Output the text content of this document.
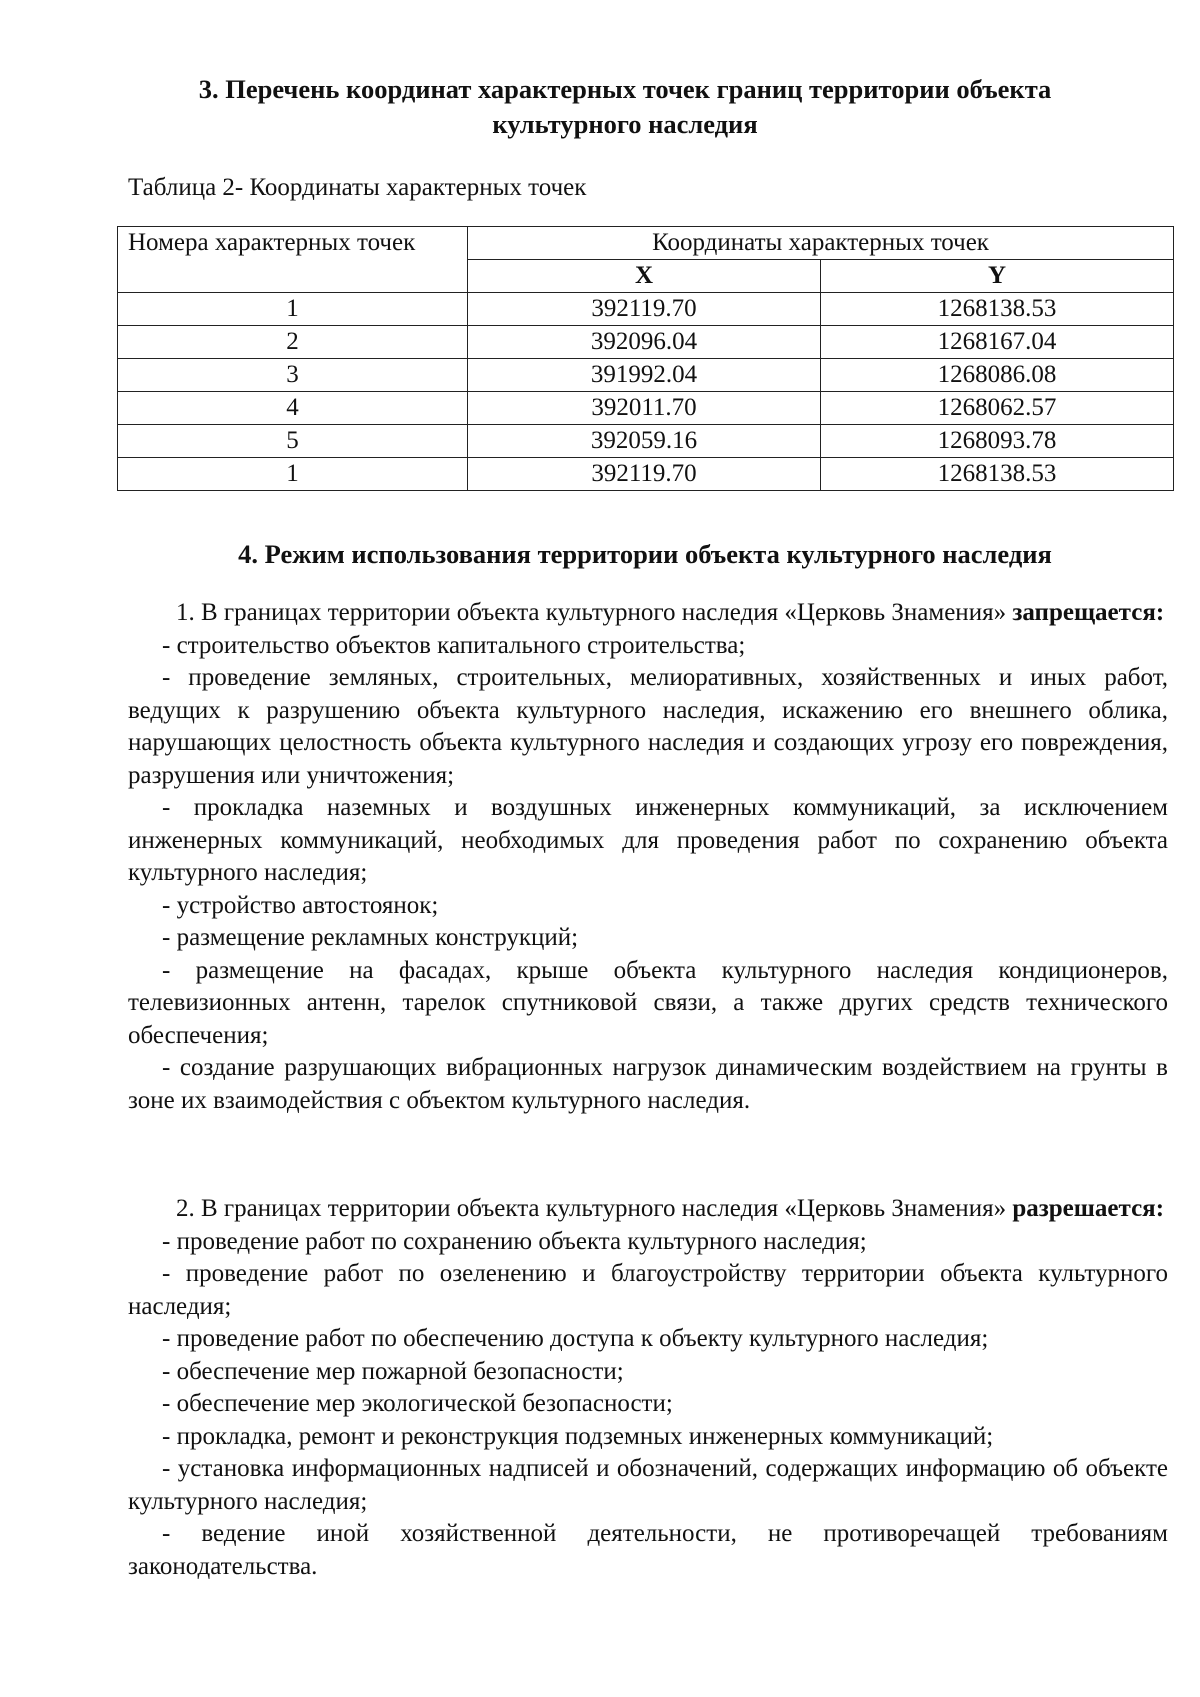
3. Перечень координат характерных точек границ территории объекта
культурного наследия
Таблица 2- Координаты характерных точек
Номера характерных точек	Координаты характерных точек	
	X	Y
1	392119.70	1268138.53
2	392096.04	1268167.04
3	391992.04	1268086.08
4	392011.70	1268062.57
5	392059.16	1268093.78
1	392119.70	1268138.53
4. Режим использования территории объекта культурного наследия

1. В границах территории объекта культурного наследия «Церковь Знамения» запрещается:

- строительство объектов капитального строительства;

- проведение земляных, строительных, мелиоративных, хозяйственных и иных работ, ведущих к разрушению объекта культурного наследия, искажению его внешнего облика, нарушающих целостность объекта культурного наследия и создающих угрозу его повреждения, разрушения или уничтожения;

- прокладка наземных и воздушных инженерных коммуникаций, за исключением инженерных коммуникаций, необходимых для проведения работ по сохранению объекта культурного наследия;

- устройство автостоянок;

- размещение рекламных конструкций;

- размещение на фасадах, крыше объекта культурного наследия кондиционеров, телевизионных антенн, тарелок спутниковой связи, а также других средств технического обеспечения;

- создание разрушающих вибрационных нагрузок динамическим воздействием на грунты в зоне их взаимодействия с объектом культурного наследия.

2. В границах территории объекта культурного наследия «Церковь Знамения» разрешается:

- проведение работ по сохранению объекта культурного наследия;

- проведение работ по озеленению и благоустройству территории объекта культурного наследия;

- проведение работ по обеспечению доступа к объекту культурного наследия;

- обеспечение мер пожарной безопасности;

- обеспечение мер экологической безопасности;

- прокладка, ремонт и реконструкция подземных инженерных коммуникаций;

- установка информационных надписей и обозначений, содержащих информацию об объекте культурного наследия;

- ведение иной хозяйственной деятельности, не противоречащей требованиям законодательства.
